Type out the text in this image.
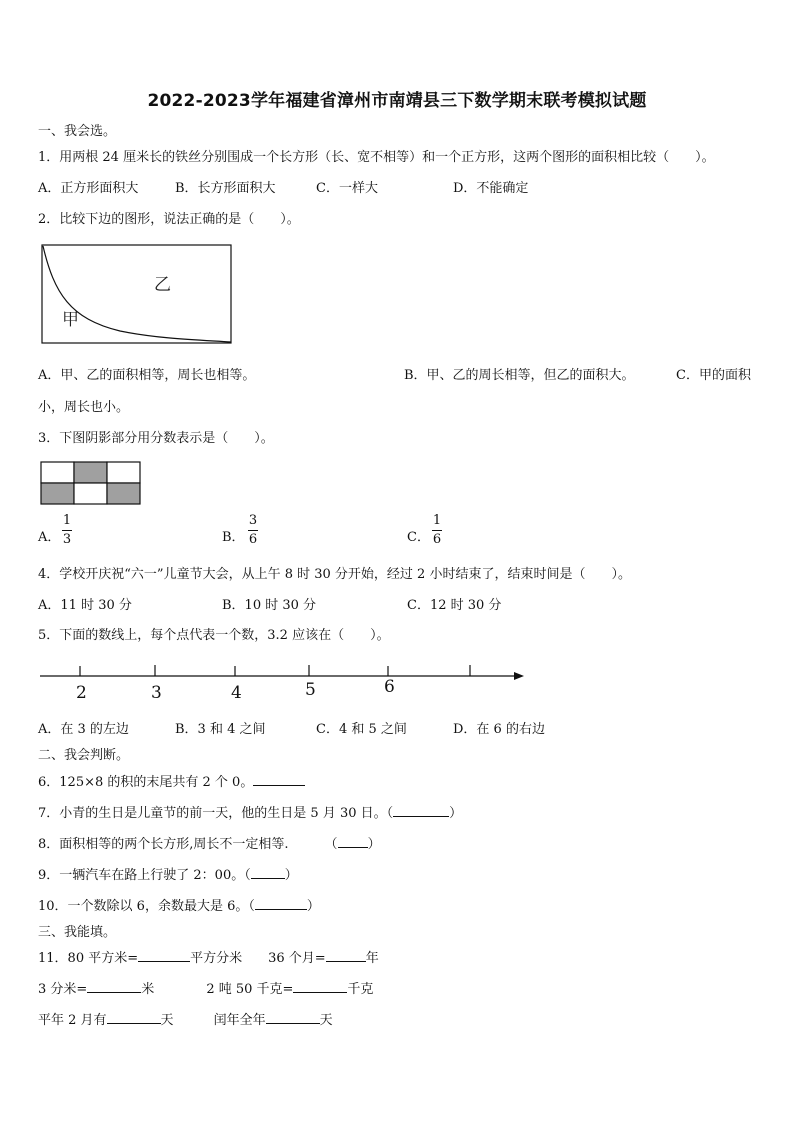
2022-2023学年福建省漳州市南靖县三下数学期末联考模拟试题
一、我会选。
1．用两根 24 厘米长的铁丝分别围成一个长方形（长、宽不相等）和一个正方形，这两个图形的面积相比较（　　）。
A．正方形面积大	B．长方形面积大	C．一样大	D．不能确定
2．比较下边的图形，说法正确的是（　　）。
乙
甲
A．甲、乙的面积相等，周长也相等。	B．甲、乙的周长相等，但乙的面积大。	C．甲的面积
小，周长也小。
3．下图阴影部分用分数表示是（　　）。
A．
1
3	B．
3
6	C．
1
6
4．学校开庆祝“六一”儿童节大会，从上午 8 时 30 分开始，经过 2 小时结束了，结束时间是（　　）。
A．11 时 30 分	B．10 时 30 分	C．12 时 30 分
5．下面的数线上，每个点代表一个数，3.2 应该在（　　）。
2	3	4	5	6
A．在 3 的左边	B．3 和 4 之间	C．4 和 5 之间	D．在 6 的右边
二、我会判断。
6．125×8 的积的末尾共有 2 个 0。
7．小青的生日是儿童节的前一天，他的生日是 5 月 30 日。（	）
8．面积相等的两个长方形,周长不一定相等.	（ ）
9．一辆汽车在路上行驶了 2：00。（	）
10．一个数除以 6，余数最大是 6。（	）
三、我能填。
11．80 平方米=	平方分米 36 个月=	年
3 分米=	米	2 吨 50 千克=	千克
平年 2 月有	天	闰年全年	天
